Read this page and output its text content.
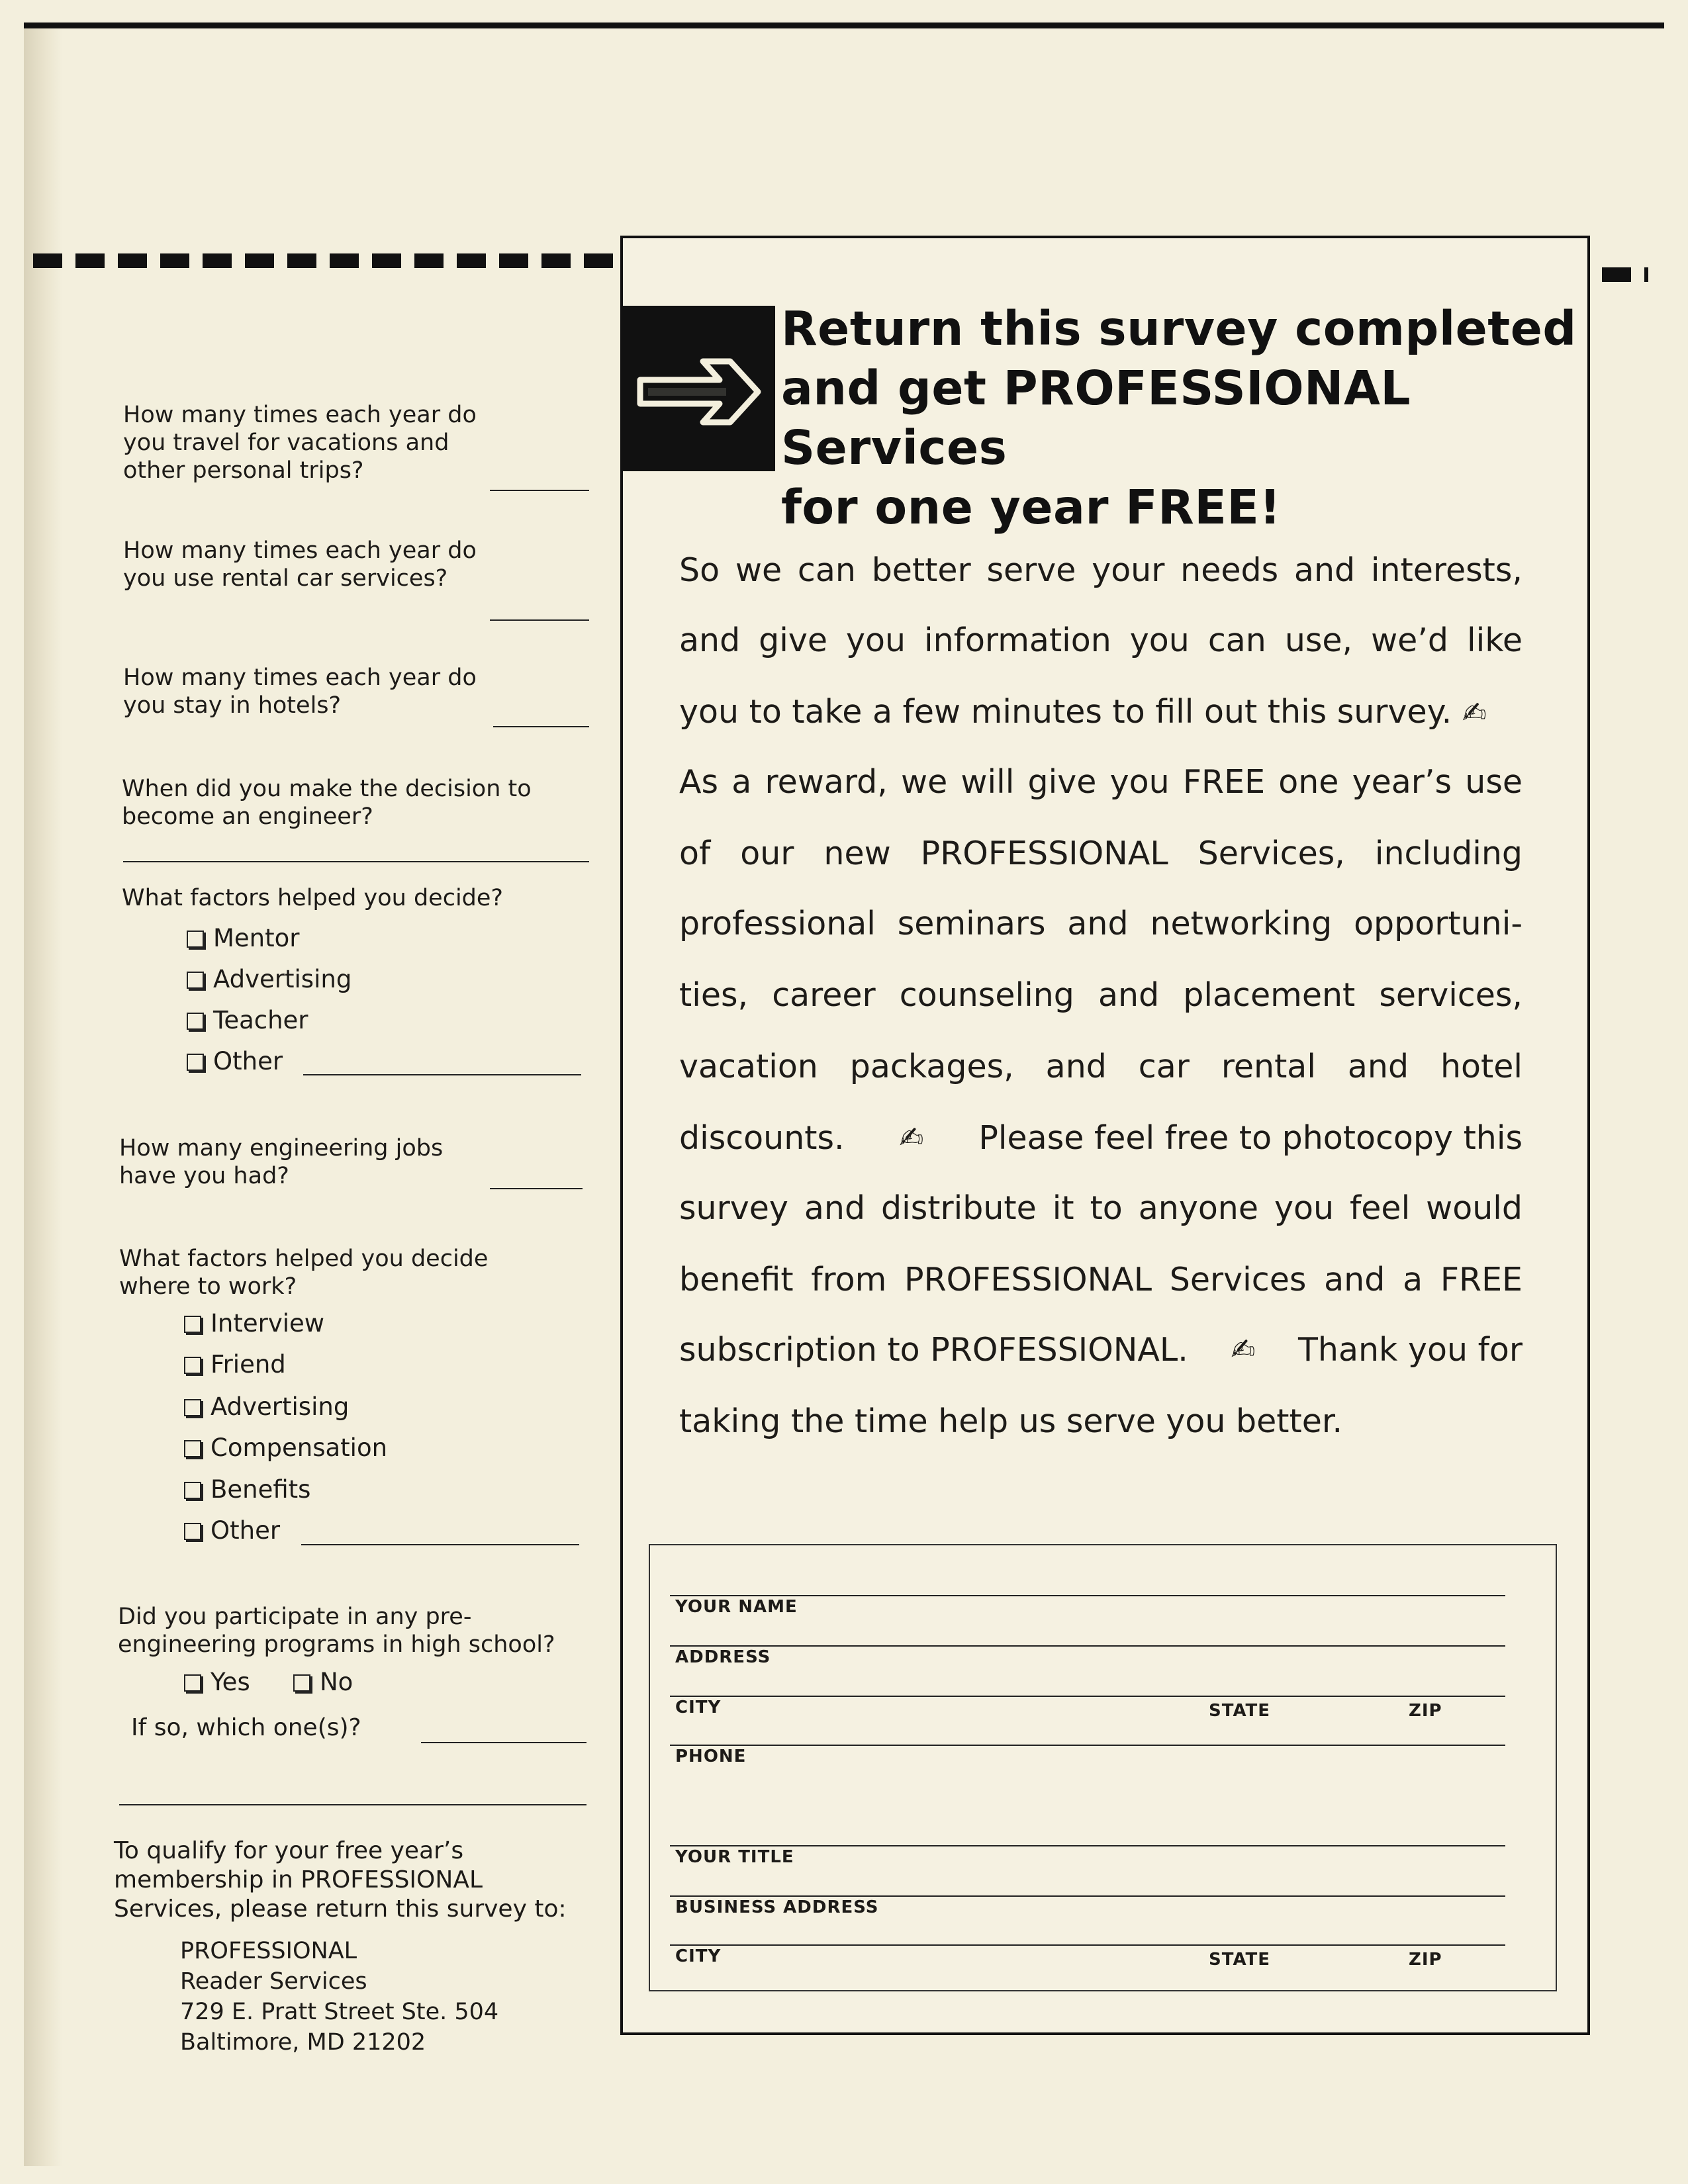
How many times each year do
you travel for vacations and
other personal trips?
How many times each year do
you use rental car services?
How many times each year do
you stay in hotels?
When did you make the decision to
become an engineer?
What factors helped you decide?
Mentor
Advertising
Teacher
Other
How many engineering jobs
have you had?
What factors helped you decide
where to work?
Interview
Friend
Advertising
Compensation
Benefits
Other
Did you participate in any pre-
engineering programs in high school?
Yes	No
If so, which one(s)?
To qualify for your free year’s
membership in PROFESSIONAL
Services, please return this survey to:
PROFESSIONAL
Reader Services
729 E. Pratt Street Ste. 504
Baltimore, MD 21202
Return this survey completed
and get PROFESSIONAL Services
for one year FREE!
So we can better serve your needs and interests,
and give you information you can use, we’d like
you to take a few minutes to fill out this survey. ✍
As a reward, we will give you FREE one year’s use
of our new PROFESSIONAL Services, including
professional seminars and networking opportuni-
ties, career counseling and placement services,
vacation packages, and car rental and hotel
discounts. ✍ Please feel free to photocopy this
survey and distribute it to anyone you feel would
benefit from PROFESSIONAL Services and a FREE
subscription to PROFESSIONAL. ✍ Thank you for
taking the time help us serve you better.
YOUR NAME
ADDRESS
CITY	STATE	ZIP
PHONE
YOUR TITLE
BUSINESS ADDRESS
CITY	STATE	ZIP
